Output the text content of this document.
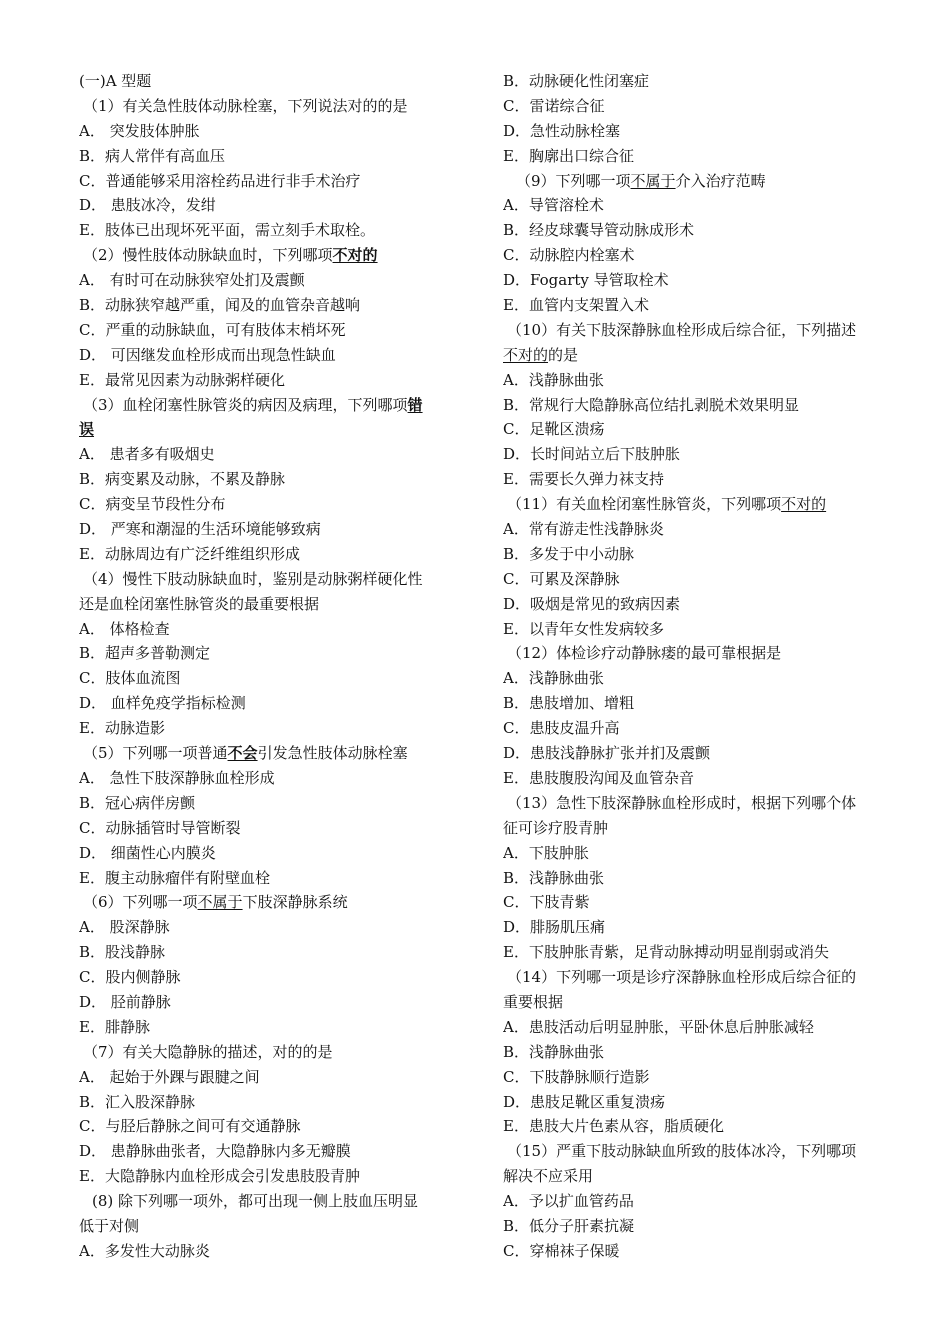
(一)A 型题
（1）有关急性肢体动脉栓塞，下列说法对的的是
A． 突发肢体肿胀
B．病人常伴有高血压
C．普通能够采用溶栓药品进行非手术治疗
D． 患肢冰冷，发绀
E．肢体已出现坏死平面，需立刻手术取栓。
（2）慢性肢体动脉缺血时，下列哪项不对的
A． 有时可在动脉狭窄处扪及震颤
B．动脉狭窄越严重，闻及的血管杂音越响
C．严重的动脉缺血，可有肢体末梢坏死
D． 可因继发血栓形成而出现急性缺血
E．最常见因素为动脉粥样硬化
（3）血栓闭塞性脉管炎的病因及病理，下列哪项错
误
A． 患者多有吸烟史
B．病变累及动脉，不累及静脉
C．病变呈节段性分布
D． 严寒和潮湿的生活环境能够致病
E．动脉周边有广泛纤维组织形成
（4）慢性下肢动脉缺血时，鉴别是动脉粥样硬化性
还是血栓闭塞性脉管炎的最重要根据
A． 体格检查
B．超声多普勒测定
C．肢体血流图
D． 血样免疫学指标检测
E．动脉造影
（5）下列哪一项普通不会引发急性肢体动脉栓塞
A． 急性下肢深静脉血栓形成
B．冠心病伴房颤
C．动脉插管时导管断裂
D． 细菌性心内膜炎
E．腹主动脉瘤伴有附壁血栓
（6）下列哪一项不属于下肢深静脉系统
A． 股深静脉
B．股浅静脉
C．股内侧静脉
D． 胫前静脉
E．腓静脉
（7）有关大隐静脉的描述，对的的是
A． 起始于外踝与跟腱之间
B．汇入股深静脉
C．与胫后静脉之间可有交通静脉
D． 患静脉曲张者，大隐静脉内多无瓣膜
E．大隐静脉内血栓形成会引发患肢股青肿
(8) 除下列哪一项外，都可出现一侧上肢血压明显
低于对侧
A．多发性大动脉炎
B．动脉硬化性闭塞症
C．雷诺综合征
D．急性动脉栓塞
E．胸廓出口综合征
（9）下列哪一项不属于介入治疗范畴
A．导管溶栓术
B．经皮球囊导管动脉成形术
C．动脉腔内栓塞术
D．Fogarty 导管取栓术
E．血管内支架置入术
（10）有关下肢深静脉血栓形成后综合征，下列描述
不对的的是
A．浅静脉曲张
B．常规行大隐静脉高位结扎剥脱术效果明显
C．足靴区溃疡
D．长时间站立后下肢肿胀
E．需要长久弹力袜支持
（11）有关血栓闭塞性脉管炎，下列哪项不对的
A．常有游走性浅静脉炎
B．多发于中小动脉
C．可累及深静脉
D．吸烟是常见的致病因素
E．以青年女性发病较多
（12）体检诊疗动静脉瘘的最可靠根据是
A．浅静脉曲张
B．患肢增加、增粗
C．患肢皮温升高
D．患肢浅静脉扩张并扪及震颤
E．患肢腹股沟闻及血管杂音
（13）急性下肢深静脉血栓形成时，根据下列哪个体
征可诊疗股青肿
A．下肢肿胀
B．浅静脉曲张
C．下肢青紫
D．腓肠肌压痛
E．下肢肿胀青紫，足背动脉搏动明显削弱或消失
（14）下列哪一项是诊疗深静脉血栓形成后综合征的
重要根据
A．患肢活动后明显肿胀，平卧休息后肿胀减轻
B．浅静脉曲张
C．下肢静脉顺行造影
D．患肢足靴区重复溃疡
E．患肢大片色素从容，脂质硬化
（15）严重下肢动脉缺血所致的肢体冰冷，下列哪项
解决不应采用
A．予以扩血管药品
B．低分子肝素抗凝
C．穿棉袜子保暖
